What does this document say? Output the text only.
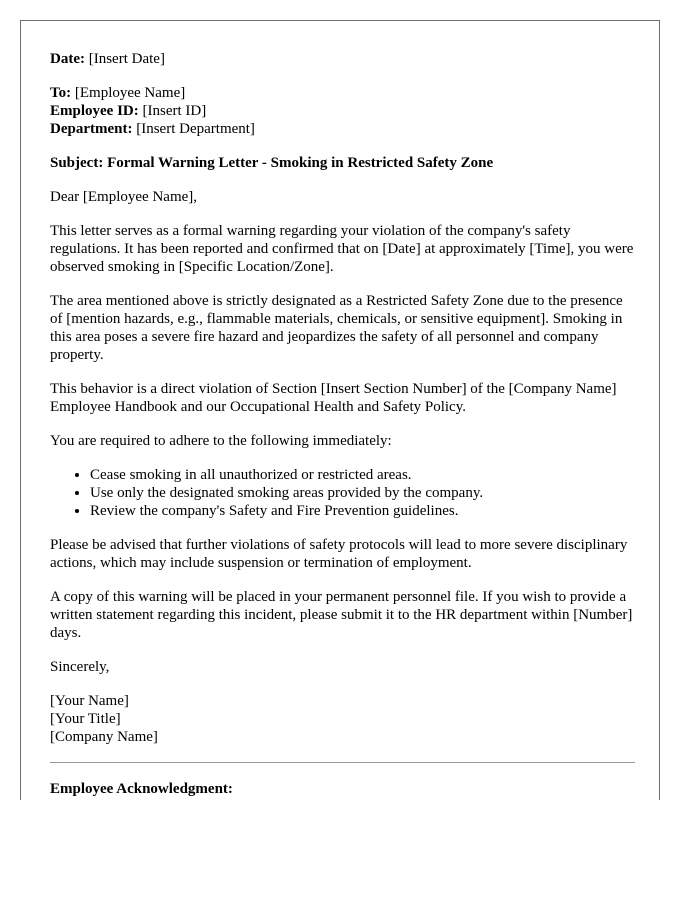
Date: [Insert Date]

To: [Employee Name]

Employee ID: [Insert ID]

Department: [Insert Department]

Subject: Formal Warning Letter - Smoking in Restricted Safety Zone

Dear [Employee Name],

This letter serves as a formal warning regarding your violation of the company's safety regulations. It has been reported and confirmed that on [Date] at approximately [Time], you were observed smoking in [Specific Location/Zone].

The area mentioned above is strictly designated as a Restricted Safety Zone due to the presence of [mention hazards, e.g., flammable materials, chemicals, or sensitive equipment]. Smoking in this area poses a severe fire hazard and jeopardizes the safety of all personnel and company property.

This behavior is a direct violation of Section [Insert Section Number] of the [Company Name] Employee Handbook and our Occupational Health and Safety Policy.

You are required to adhere to the following immediately:

• Cease smoking in all unauthorized or restricted areas.
• Use only the designated smoking areas provided by the company.
• Review the company's Safety and Fire Prevention guidelines.

Please be advised that further violations of safety protocols will lead to more severe disciplinary actions, which may include suspension or termination of employment.

A copy of this warning will be placed in your permanent personnel file. If you wish to provide a written statement regarding this incident, please submit it to the HR department within [Number] days.

Sincerely,

[Your Name]

[Your Title]

[Company Name]

Employee Acknowledgment:
